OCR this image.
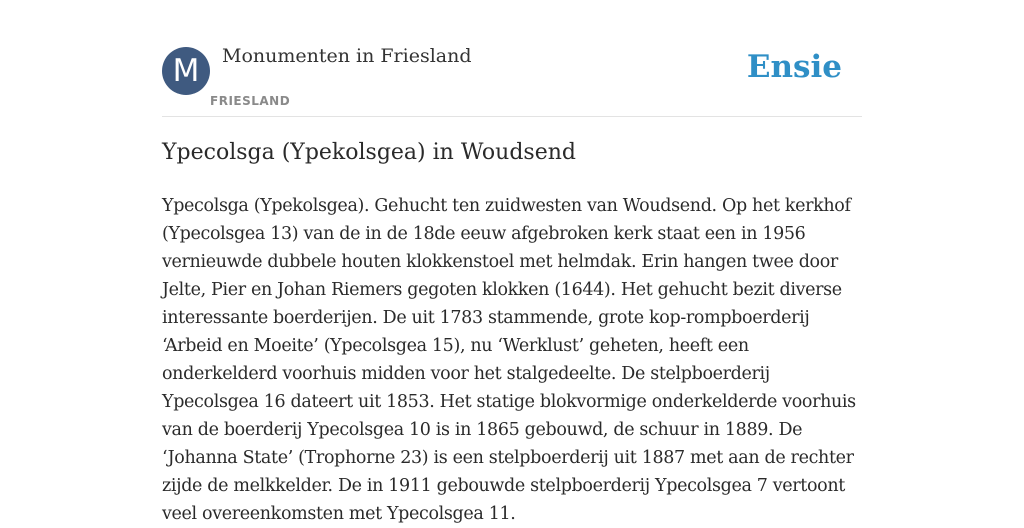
M	Monumenten in Friesland
FRIESLAND
Ensie
Ypecolsga (Ypekolsgea) in Woudsend

Ypecolsga (Ypekolsgea). Gehucht ten zuidwesten van Woudsend. Op het kerkhof (Ypecolsgea 13) van de in de 18de eeuw afgebroken kerk staat een in 1956 vernieuwde dubbele houten klokkenstoel met helmdak. Erin hangen twee door Jelte, Pier en Johan Riemers gegoten klokken (1644). Het gehucht bezit diverse interessante boerderijen. De uit 1783 stammende, grote kop-rompboerderij ‘Arbeid en Moeite’ (Ypecolsgea 15), nu ‘Werklust’ geheten, heeft een onderkelderd voorhuis midden voor het stalgedeelte. De stelpboerderij Ypecolsgea 16 dateert uit 1853. Het statige blokvormige onderkelderde voorhuis van de boerderij Ypecolsgea 10 is in 1865 gebouwd, de schuur in 1889. De ‘Johanna State’ (Trophorne 23) is een stelpboerderij uit 1887 met aan de rechter zijde de melkkelder. De in 1911 gebouwde stelpboerderij Ypecolsgea 7 vertoont veel overeenkomsten met Ypecolsgea 11.
